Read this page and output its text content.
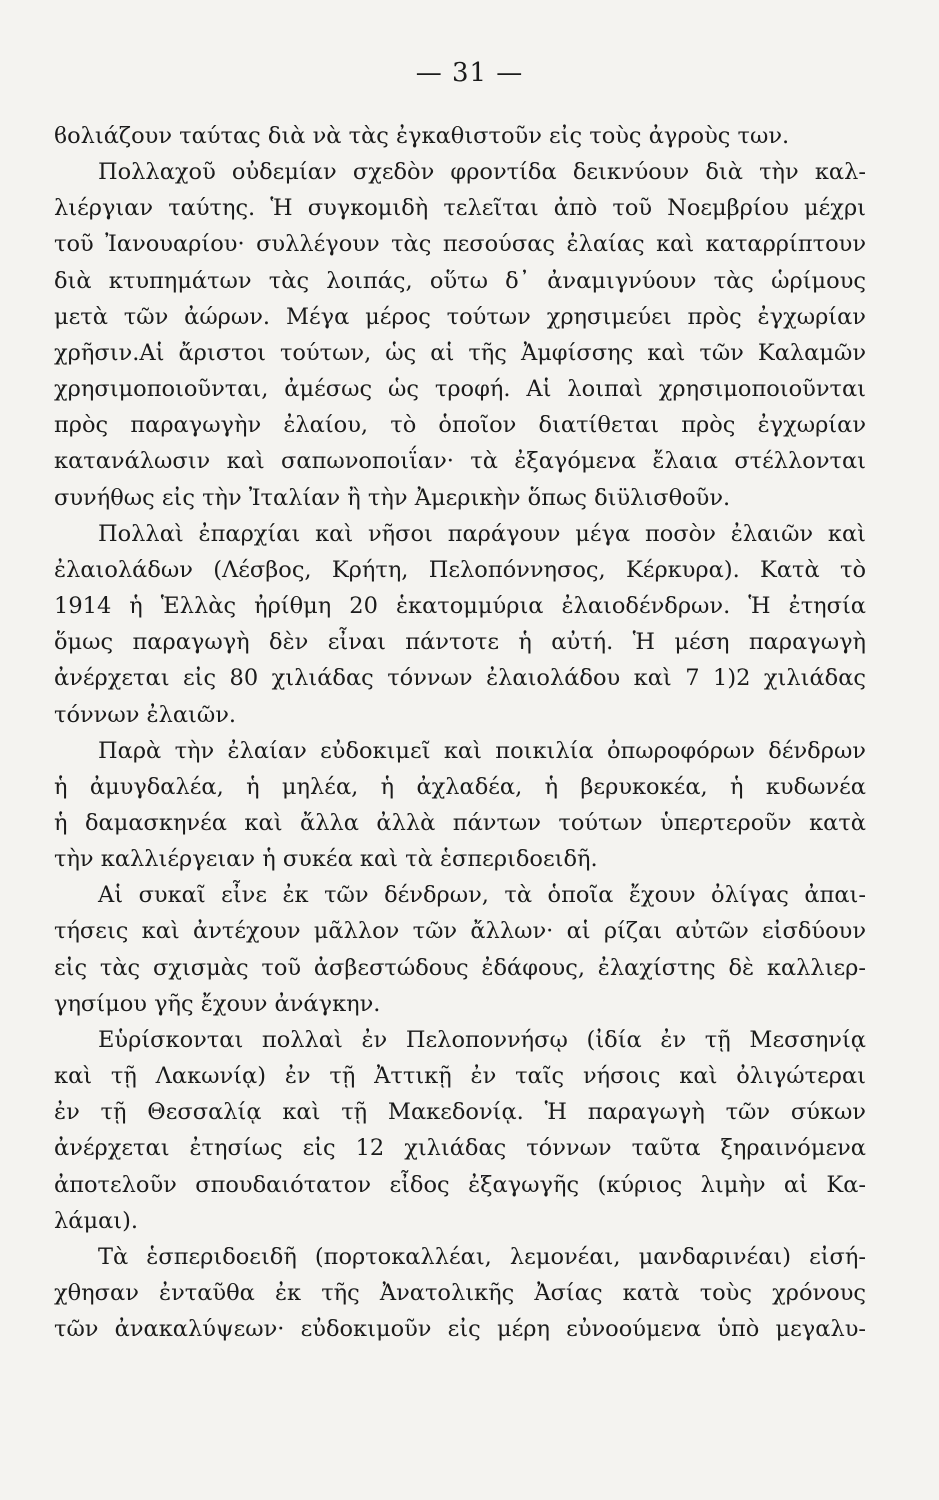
— 31 —
ϐολιάζουν ταύτας διὰ νὰ τὰς ἐγκαθιστοῦν εἰς τοὺς ἀγροὺς των.
Πολλαχοῦ οὐδεμίαν σχεδὸν φροντίδα δεικνύουν διὰ τὴν καλ-
λιέργιαν ταύτης. Ἡ συγκομιδὴ τελεῖται ἀπὸ τοῦ Νοεμβρίου μέχρι
τοῦ Ἰανουαρίου· συλλέγουν τὰς πεσούσας ἐλαίας καὶ καταρρίπτουν
διὰ κτυπημάτων τὰς λοιπάς, οὕτω δ᾽ ἀναμιγνύουν τὰς ὡρίμους
μετὰ τῶν ἀώρων. Μέγα μέρος τούτων χρησιμεύει πρὸς ἐγχωρίαν
χρῆσιν.Αἱ ἄριστοι τούτων, ὡς αἱ τῆς Ἀμφίσσης καὶ τῶν Καλαμῶν
χρησιμοποιοῦνται, ἀμέσως ὡς τροφή. Αἱ λοιπαὶ χρησιμοποιοῦνται
πρὸς παραγωγὴν ἐλαίου, τὸ ὁποῖον διατίθεται πρὸς ἐγχωρίαν
κατανάλωσιν καὶ σαπωνοποιΐαν· τὰ ἐξαγόμενα ἔλαια στέλλονται
συνήθως εἰς τὴν Ἰταλίαν ἢ τὴν Ἀμερικὴν ὅπως διϋλισθοῦν.
Πολλαὶ ἐπαρχίαι καὶ νῆσοι παράγουν μέγα ποσὸν ἐλαιῶν καὶ
ἐλαιολάδων (Λέσβος, Κρήτη, Πελοπόννησος, Κέρκυρα). Κατὰ τὸ
1914 ἡ Ἑλλὰς ἠρίθμη 20 ἑκατομμύρια ἐλαιοδένδρων. Ἡ ἐτησία
ὅμως παραγωγὴ δὲν εἶναι πάντοτε ἡ αὐτή. Ἡ μέση παραγωγὴ
ἀνέρχεται εἰς 80 χιλιάδας τόννων ἐλαιολάδου καὶ 7 1)2 χιλιάδας
τόννων ἐλαιῶν.
Παρὰ τὴν ἐλαίαν εὐδοκιμεῖ καὶ ποικιλία ὀπωροφόρων δένδρων
ἡ ἀμυγδαλέα, ἡ μηλέα, ἡ ἀχλαδέα, ἡ βερυκοκέα, ἡ κυδωνέα
ἡ δαμασκηνέα καὶ ἄλλα ἀλλὰ πάντων τούτων ὑπερτεροῦν κατὰ
τὴν καλλιέργειαν ἡ συκέα καὶ τὰ ἑσπεριδοειδῆ.
Αἱ συκαῖ εἶνε ἐκ τῶν δένδρων, τὰ ὁποῖα ἔχουν ὀλίγας ἀπαι-
τήσεις καὶ ἀντέχουν μᾶλλον τῶν ἄλλων· αἱ ρίζαι αὐτῶν εἰσδύουν
εἰς τὰς σχισμὰς τοῦ ἀσβεστώδους ἐδάφους, ἐλαχίστης δὲ καλλιερ-
γησίμου γῆς ἔχουν ἀνάγκην.
Εὑρίσκονται πολλαὶ ἐν Πελοποννήσῳ (ἰδία ἐν τῇ Μεσσηνίᾳ
καὶ τῇ Λακωνίᾳ) ἐν τῇ Ἀττικῇ ἐν ταῖς νήσοις καὶ ὀλιγώτεραι
ἐν τῇ Θεσσαλίᾳ καὶ τῇ Μακεδονίᾳ. Ἡ παραγωγὴ τῶν σύκων
ἀνέρχεται ἐτησίως εἰς 12 χιλιάδας τόννων ταῦτα ξηραινόμενα
ἀποτελοῦν σπουδαιότατον εἶδος ἐξαγωγῆς (κύριος λιμὴν αἱ Κα-
λάμαι).
Τὰ ἑσπεριδοειδῆ (πορτοκαλλέαι, λεμονέαι, μανδαρινέαι) εἰσή-
χθησαν ἐνταῦθα ἐκ τῆς Ἀνατολικῆς Ἀσίας κατὰ τοὺς χρόνους
τῶν ἀνακαλύψεων· εὐδοκιμοῦν εἰς μέρη εὐνοούμενα ὑπὸ μεγαλυ-
